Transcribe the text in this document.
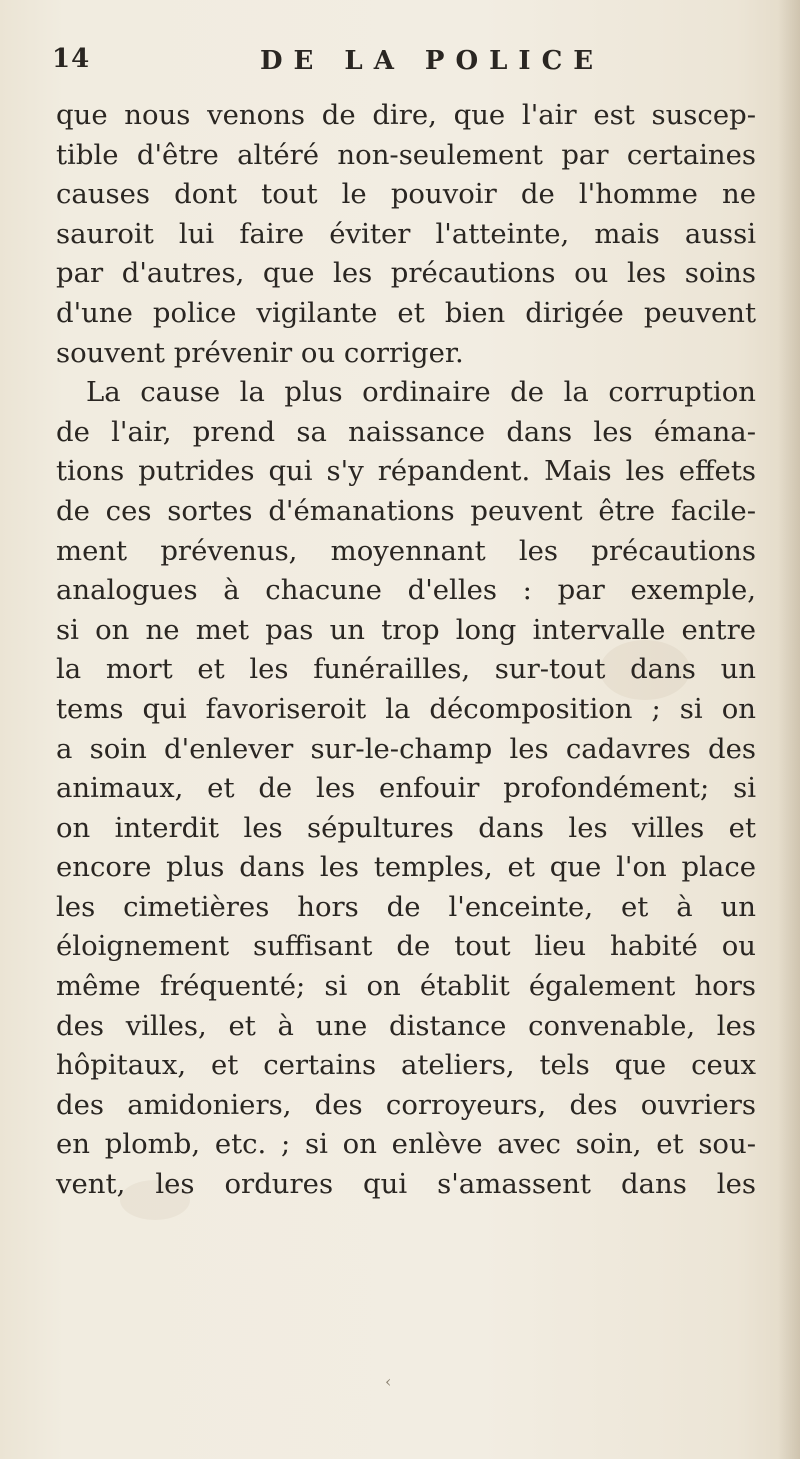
14	DE LA POLICE
que nous venons de dire, que l'air est suscep-
tible d'être altéré non-seulement par certaines
causes dont tout le pouvoir de l'homme ne
sauroit lui faire éviter l'atteinte, mais aussi
par d'autres, que les précautions ou les soins
d'une police vigilante et bien dirigée peuvent
souvent prévenir ou corriger.
La cause la plus ordinaire de la corruption
de l'air, prend sa naissance dans les émana-
tions putrides qui s'y répandent. Mais les effets
de ces sortes d'émanations peuvent être facile-
ment prévenus, moyennant les précautions
analogues à chacune d'elles : par exemple,
si on ne met pas un trop long intervalle entre
la mort et les funérailles, sur-tout dans un
tems qui favoriseroit la décomposition ; si on
a soin d'enlever sur-le-champ les cadavres des
animaux, et de les enfouir profondément; si
on interdit les sépultures dans les villes et
encore plus dans les temples, et que l'on place
les cimetières hors de l'enceinte, et à un
éloignement suffisant de tout lieu habité ou
même fréquenté; si on établit également hors
des villes, et à une distance convenable, les
hôpitaux, et certains ateliers, tels que ceux
des amidoniers, des corroyeurs, des ouvriers
en plomb, etc. ; si on enlève avec soin, et sou-
vent, les ordures qui s'amassent dans les
‹
